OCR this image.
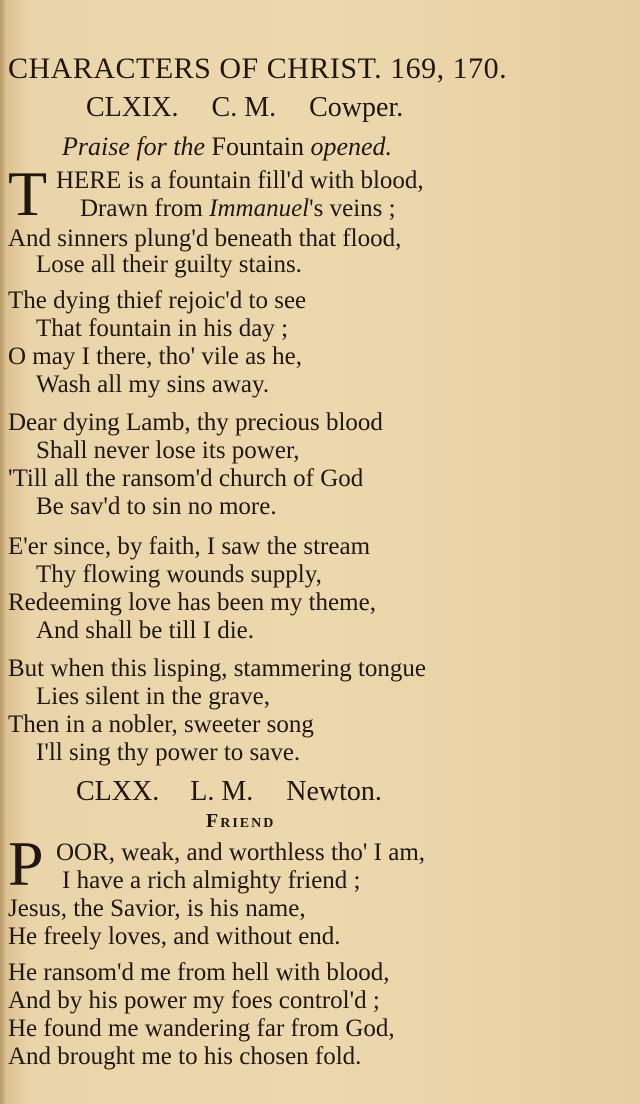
CHARACTERS OF CHRIST. 169, 170.
CLXIX. C. M. Cowper.
Praise for the Fountain opened.
T HERE is a fountain fill'd with blood,
Drawn from Immanuel's veins ;
And sinners plung'd beneath that flood,
Lose all their guilty stains.
The dying thief rejoic'd to see
That fountain in his day ;
O may I there, tho' vile as he,
Wash all my sins away.
Dear dying Lamb, thy precious blood
Shall never lose its power,
'Till all the ransom'd church of God
Be sav'd to sin no more.
E'er since, by faith, I saw the stream
Thy flowing wounds supply,
Redeeming love has been my theme,
And shall be till I die.
But when this lisping, stammering tongue
Lies silent in the grave,
Then in a nobler, sweeter song
I'll sing thy power to save.
CLXX. L. M. Newton.
Friend
P OOR, weak, and worthless tho' I am,
I have a rich almighty friend ;
Jesus, the Savior, is his name,
He freely loves, and without end.
He ransom'd me from hell with blood,
And by his power my foes control'd ;
He found me wandering far from God,
And brought me to his chosen fold.
